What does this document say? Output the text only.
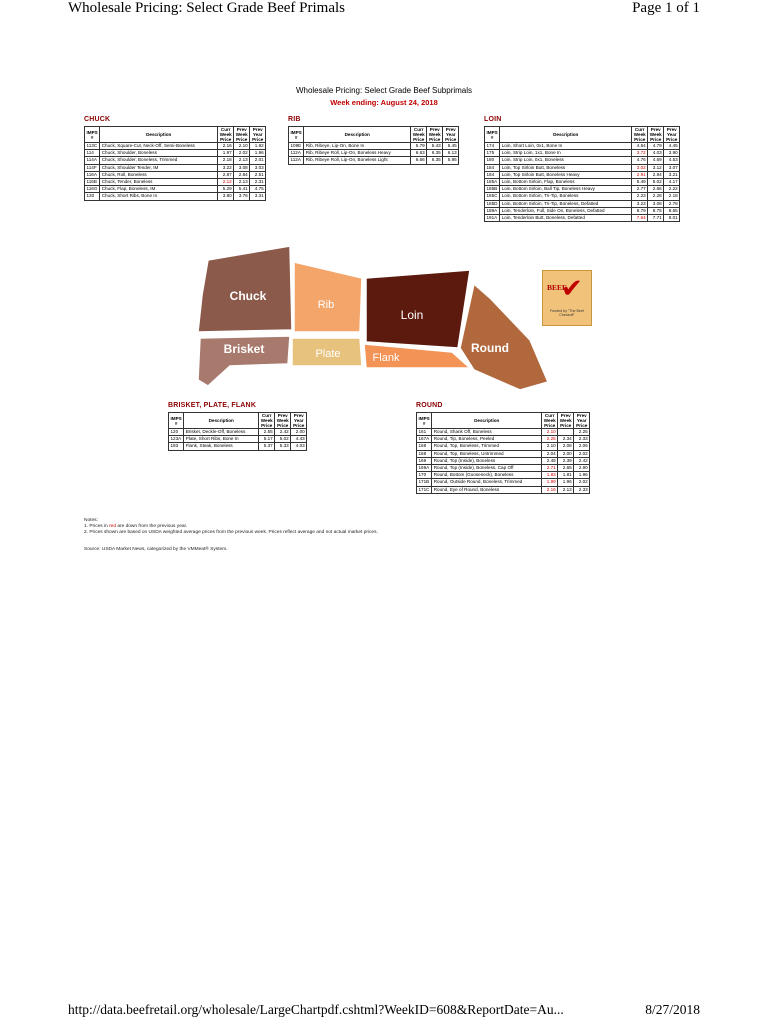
Wholesale Pricing: Select Grade Beef Primals	Page 1 of 1
Wholesale Pricing: Select Grade Beef Subprimals
Week ending: August 24, 2018
CHUCK
IMPS #	Description	Curr Week Price	Prev Week Price	Prev Year Price
113C	Chuck, Square-Cut, Neck-Off, Semi-Boneless	2.16	2.10	1.92
114	Chuck, Shoulder, Boneless	1.97	2.02	1.96
114A	Chuck, Shoulder, Boneless, Trimmed	2.18	2.13	2.01
114F	Chuck, Shoulder Tender, IM	3.22	3.08	3.03
116A	Chuck, Roll, Boneless	2.87	2.84	2.51
116B	Chuck, Tender, Boneless	2.12	2.13	2.31
116G	Chuck, Flap, Boneless, IM	5.29	5.41	4.75
130	Chuck, Short Ribs, Bone In	3.80	3.76	3.31
RIB
IMPS #	Description	Curr Week Price	Prev Week Price	Prev Year Price
109E	Rib, Ribeye, Lip-On, Bone In	5.79	5.43	5.45
112A	Rib, Ribeye Roll, Lip-On, Boneless Heavy	6.63	6.35	6.13
112A	Rib, Ribeye Roll, Lip-On, Boneless Light	6.66	6.35	5.95
LOIN
IMPS #	Description	Curr Week Price	Prev Week Price	Prev Year Price
174	Loin, Short Loin, 0x1, Bone In	4.54	4.79	4.45
175	Loin, Strip Loin, 1x1, Bone In	3.72	4.03	3.90
180	Loin, Strip Loin, 0x1, Boneless	4.76	4.69	4.53
184	Loin, Top Sirloin Butt, Boneless	3.02	3.12	3.07
184	Loin, Top Sirloin Butt, Boneless Heavy	2.91	2.94	3.21
185A	Loin, Bottom Sirloin, Flap, Boneless	5.49	5.02	4.17
185B	Loin, Bottom Sirloin, Ball Tip, Boneless Heavy	2.77	2.66	2.22
185C	Loin, Bottom Sirloin, Tri-Tip, Boneless	2.23	2.28	2.18
185D	Loin, Bottom Sirloin, Tri-Tip, Boneless, Defatted	3.23	3.08	2.78
189A	Loin, Tenderloin, Full, Side On, Boneless, Defatted	8.79	8.75	8.65
191A	Loin, Tenderloin Butt, Boneless, Defatted	7.64	7.71	8.01
Chuck
Rib
Loin
Round
Brisket	Plate	Flank
✔
BEEF
Funded by "The Beef Checkoff"
BRISKET, PLATE, FLANK
IMPS #	Description	Curr Week Price	Prev Week Price	Prev Year Price
120	Brisket, Deckle-Off, Boneless	2.55	2.42	2.00
123A	Plate, Short Ribs, Bone In	5.17	5.02	4.43
193	Flank, Steak, Boneless	5.37	5.33	4.03
ROUND
IMPS #	Description	Curr Week Price	Prev Week Price	Prev Year Price
161	Round, Shank Off, Boneless	2.10		2.25
167A	Round, Tip, Boneless, Peeled	2.25	2.34	2.33
168	Round, Top, Boneless, Trimmed	2.10	2.08	2.06
168	Round, Top, Boneless, Untrimmed	2.04	2.00	2.02
169	Round, Top (Inside), Boneless	2.45	2.39	2.42
169A	Round, Top (Inside), Boneless, Cap Off	2.71	2.65	2.90
170	Round, Bottom (Gooseneck), Boneless	1.83	1.81	1.96
171B	Round, Outside Round, Boneless, Trimmed	1.99	1.96	2.02
171C	Round, Eye of Round, Boneless	2.16	2.13	2.33
Notes:
1. Prices in red are down from the previous year.
2. Prices shown are based on USDA weighted average prices from the previous week. Prices reflect average and not actual market prices.
Source: USDA Market News, categorized by the VMMeat® System.
http://data.beefretail.org/wholesale/LargeChartpdf.cshtml?WeekID=608&ReportDate=Au...	8/27/2018
